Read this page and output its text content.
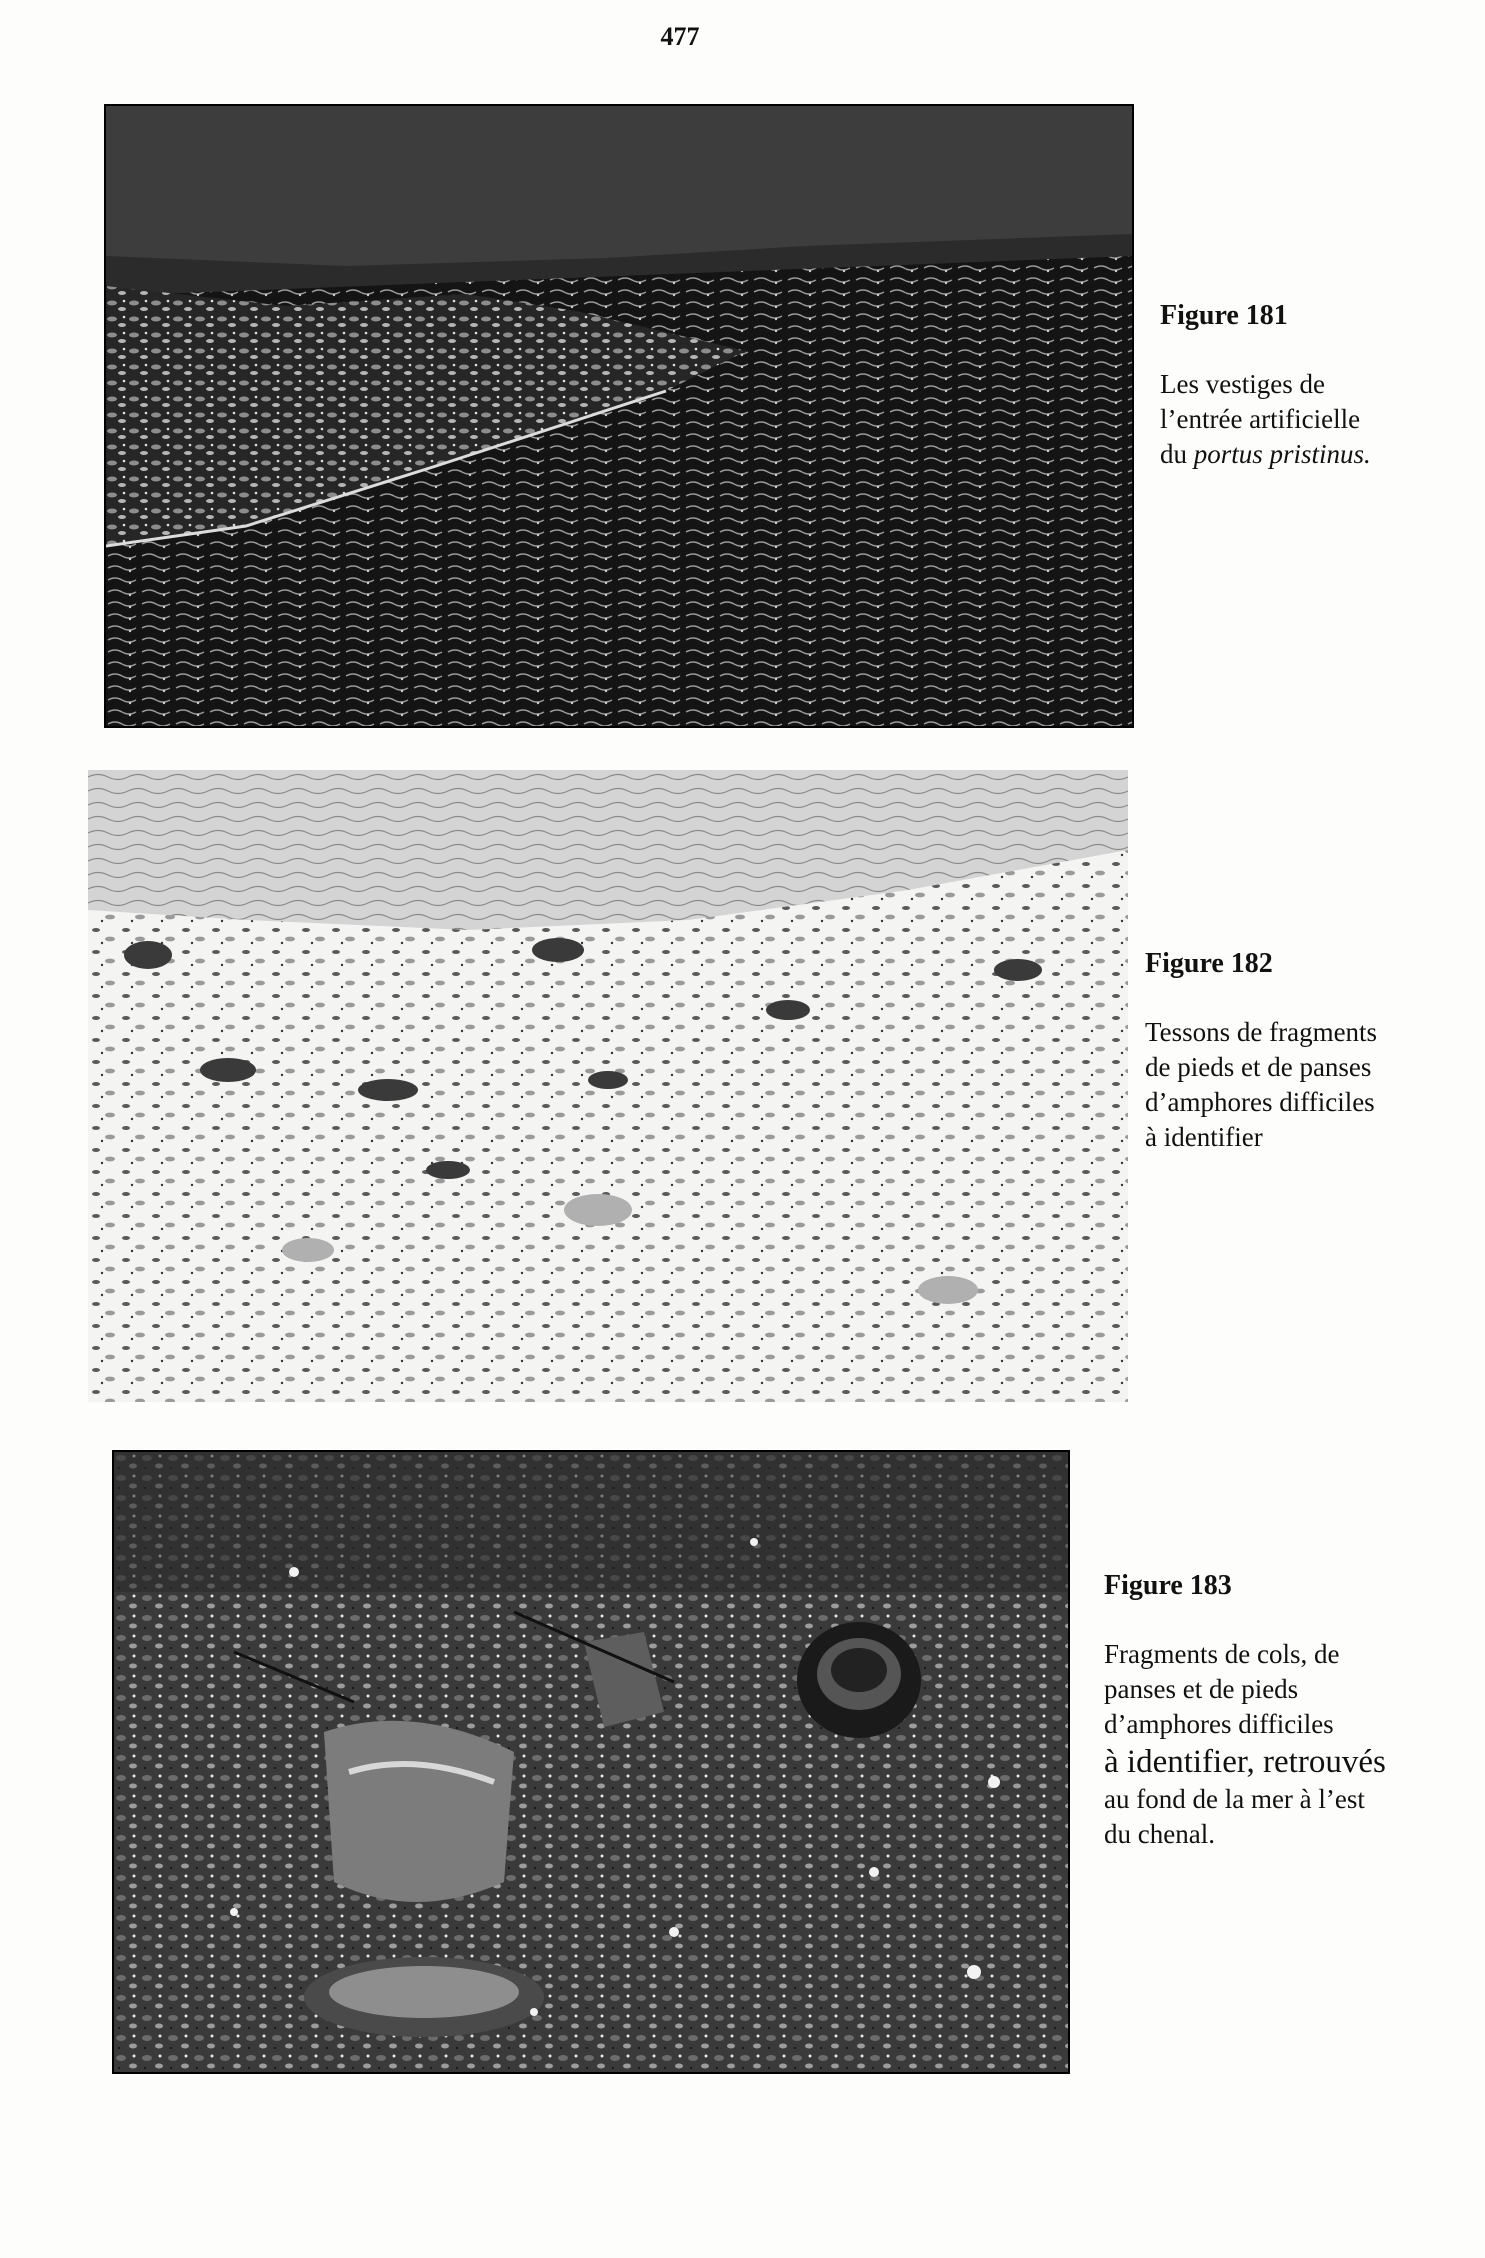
477
Figure 181
Les vestiges de
l’entrée artificielle
du portus pristinus.
Figure 182
Tessons de fragments
de pieds et de panses
d’amphores difficiles
à identifier
Figure 183
Fragments de cols, de
panses et de pieds
d’amphores difficiles
à identifier, retrouvés
au fond de la mer à l’est
du chenal.
